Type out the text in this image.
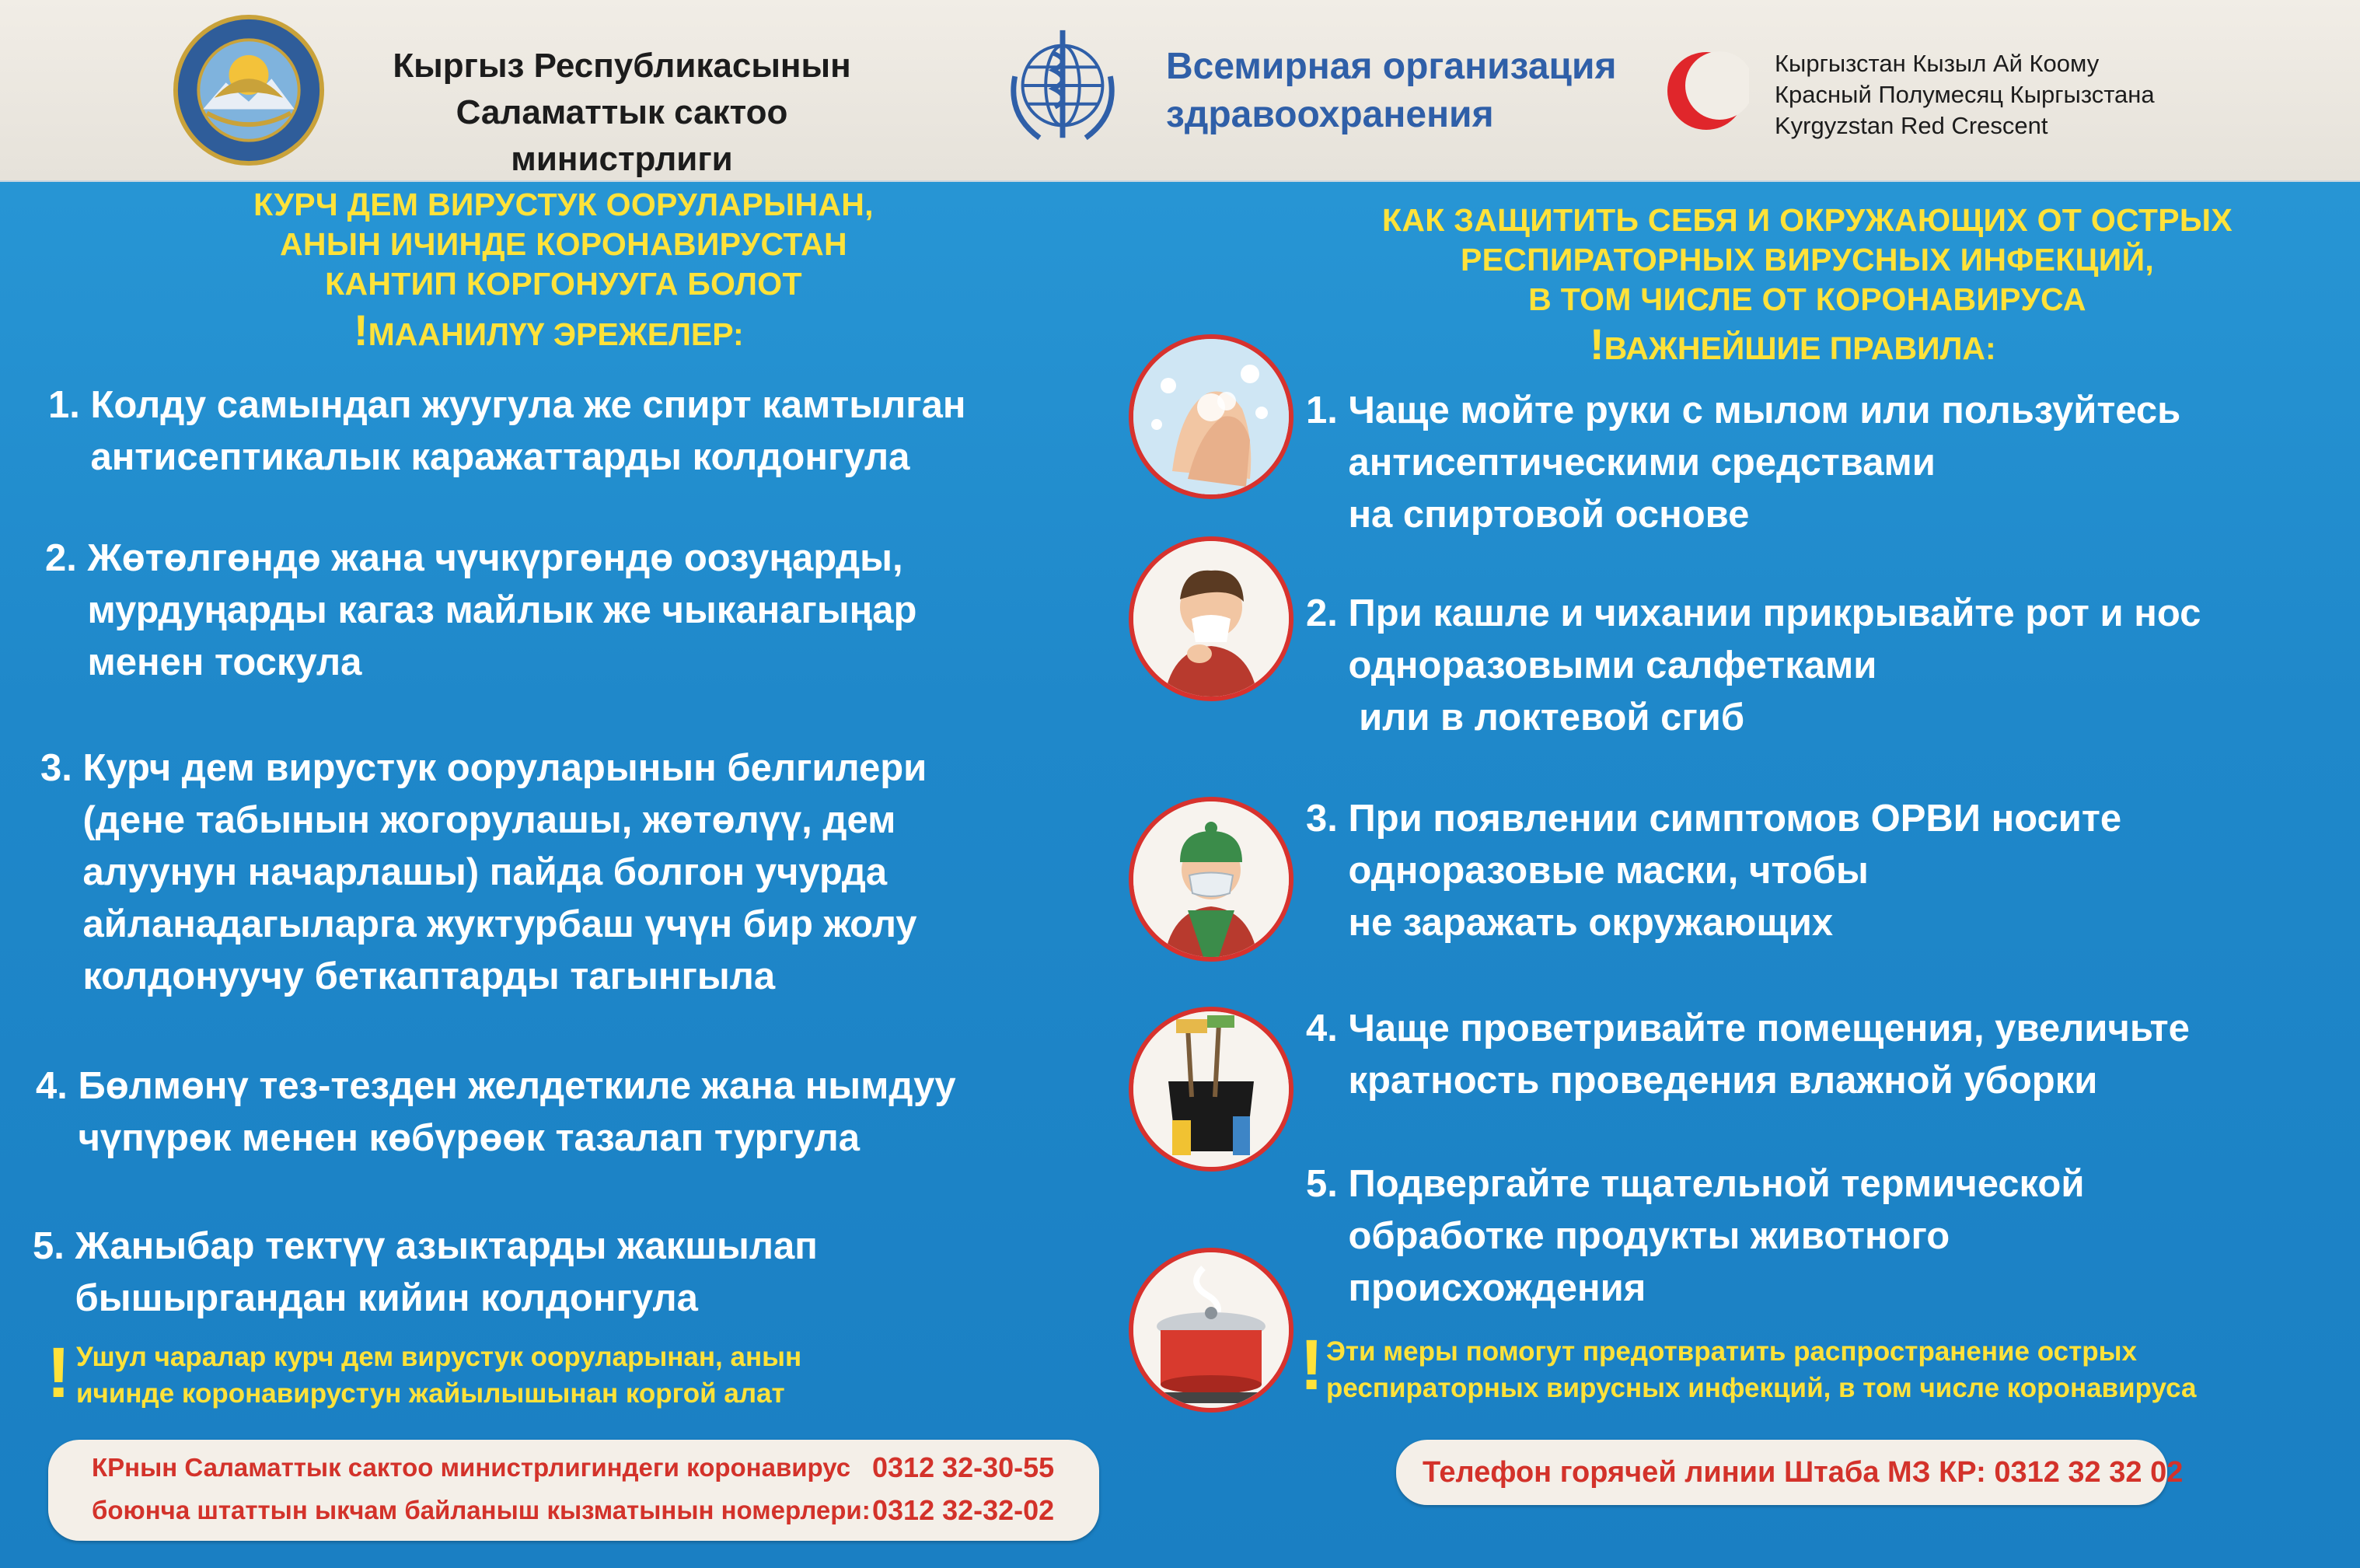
Кыргыз Республикасынын
Саламаттык сактоо министрлиги
Всемирная организация
здравоохранения
Кыргызстан Кызыл Ай Коому
Красный Полумесяц Кыргызстана
Kyrgyzstan Red Crescent
КУРЧ ДЕМ ВИРУСТУК ООРУЛАРЫНАН,
АНЫН ИЧИНДЕ КОРОНАВИРУСТАН
КАНТИП КОРГОНУУГА БОЛОТ
!МААНИЛҮҮ ЭРЕЖЕЛЕР:
1. Колду самындап жуугула же спирт камтылган
антисептикалык каражаттарды колдонгула
2. Жөтөлгөндө жана чүчкүргөндө оозуңарды,
мурдуңарды кагаз майлык же чыканагыңар
менен тоскула
3. Курч дем вирустук ооруларынын белгилери
(дене табынын жогорулашы, жөтөлүү, дем
алуунун начарлашы) пайда болгон учурда
айланадагыларга жуктурбаш үчүн бир жолу
колдонуучу беткаптарды тагынгыла
4. Бөлмөнү тез-тезден желдеткиле жана нымдуу
чүпүрөк менен көбүрөөк тазалап тургула
5. Жаныбар тектүү азыктарды жакшылап
бышыргандан кийин колдонгула
! Ушул чаралар курч дем вирустук ооруларынан, анын
ичинде коронавирустун жайылышынан коргой алат
КРнын Саламаттык сактоо министрлигиндеги коронавирус
боюнча штаттын ыкчам байланыш кызматынын номерлери:
0312 32-30-55
0312 32-32-02
КАК ЗАЩИТИТЬ СЕБЯ И ОКРУЖАЮЩИХ ОТ ОСТРЫХ
РЕСПИРАТОРНЫХ ВИРУСНЫХ ИНФЕКЦИЙ,
В ТОМ ЧИСЛЕ ОТ КОРОНАВИРУСА
!ВАЖНЕЙШИЕ ПРАВИЛА:
1. Чаще мойте руки с мылом или пользуйтесь
антисептическими средствами
на спиртовой основе
2. При кашле и чихании прикрывайте рот и нос
одноразовыми салфетками
или в локтевой сгиб
3. При появлении симптомов ОРВИ носите
одноразовые маски, чтобы
не заражать окружающих
4. Чаще проветривайте помещения, увеличьте
кратность проведения влажной уборки
5. Подвергайте тщательной термической
обработке продукты животного
происхождения
! Эти меры помогут предотвратить распространение острых
респираторных вирусных инфекций, в том числе коронавируса
Телефон горячей линии Штаба МЗ КР: 0312 32 32 02
